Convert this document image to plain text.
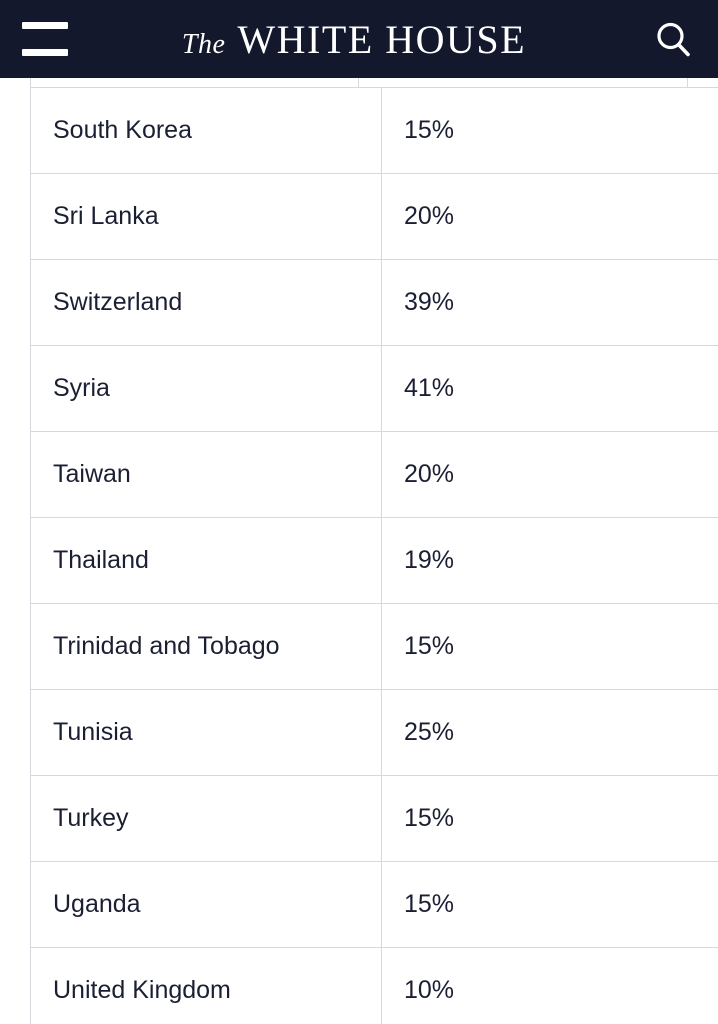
The WHITE HOUSE
South Korea	15%
Sri Lanka	20%
Switzerland	39%
Syria	41%
Taiwan	20%
Thailand	19%
Trinidad and Tobago	15%
Tunisia	25%
Turkey	15%
Uganda	15%
United Kingdom	10%
